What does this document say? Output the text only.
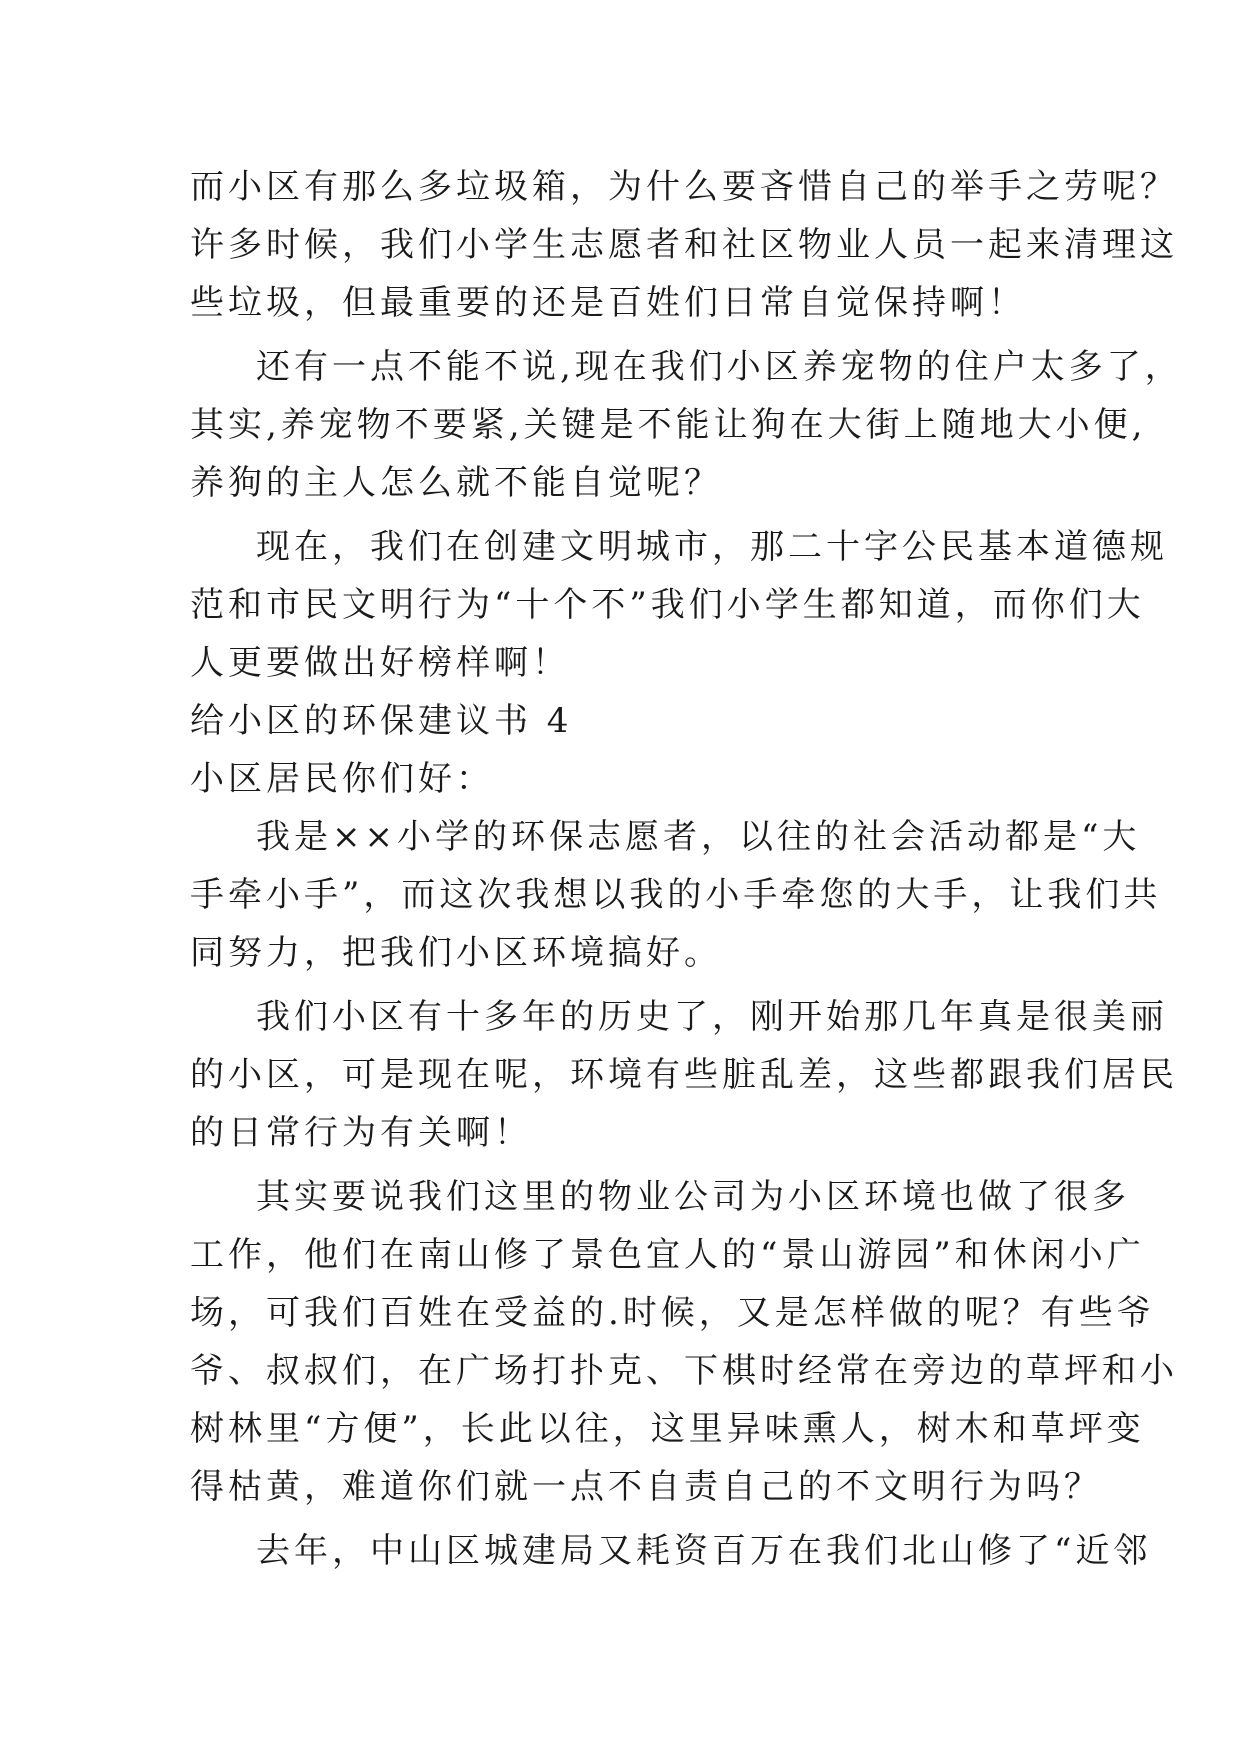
而小区有那么多垃圾箱，为什么要吝惜自己的举手之劳呢？
许多时候，我们小学生志愿者和社区物业人员一起来清理这
些垃圾，但最重要的还是百姓们日常自觉保持啊！
还有一点不能不说,现在我们小区养宠物的住户太多了，
其实,养宠物不要紧,关键是不能让狗在大街上随地大小便,
养狗的主人怎么就不能自觉呢？
现在，我们在创建文明城市，那二十字公民基本道德规
范和市民文明行为“十个不”我们小学生都知道，而你们大
人更要做出好榜样啊！
给小区的环保建议书 4
小区居民你们好：
我是××小学的环保志愿者，以往的社会活动都是“大
手牵小手”，而这次我想以我的小手牵您的大手，让我们共
同努力，把我们小区环境搞好。
我们小区有十多年的历史了，刚开始那几年真是很美丽
的小区，可是现在呢，环境有些脏乱差，这些都跟我们居民
的日常行为有关啊！
其实要说我们这里的物业公司为小区环境也做了很多
工作，他们在南山修了景色宜人的“景山游园”和休闲小广
场，可我们百姓在受益的.时候，又是怎样做的呢？有些爷
爷、叔叔们，在广场打扑克、下棋时经常在旁边的草坪和小
树林里“方便”，长此以往，这里异味熏人，树木和草坪变
得枯黄，难道你们就一点不自责自己的不文明行为吗？
去年，中山区城建局又耗资百万在我们北山修了“近邻
